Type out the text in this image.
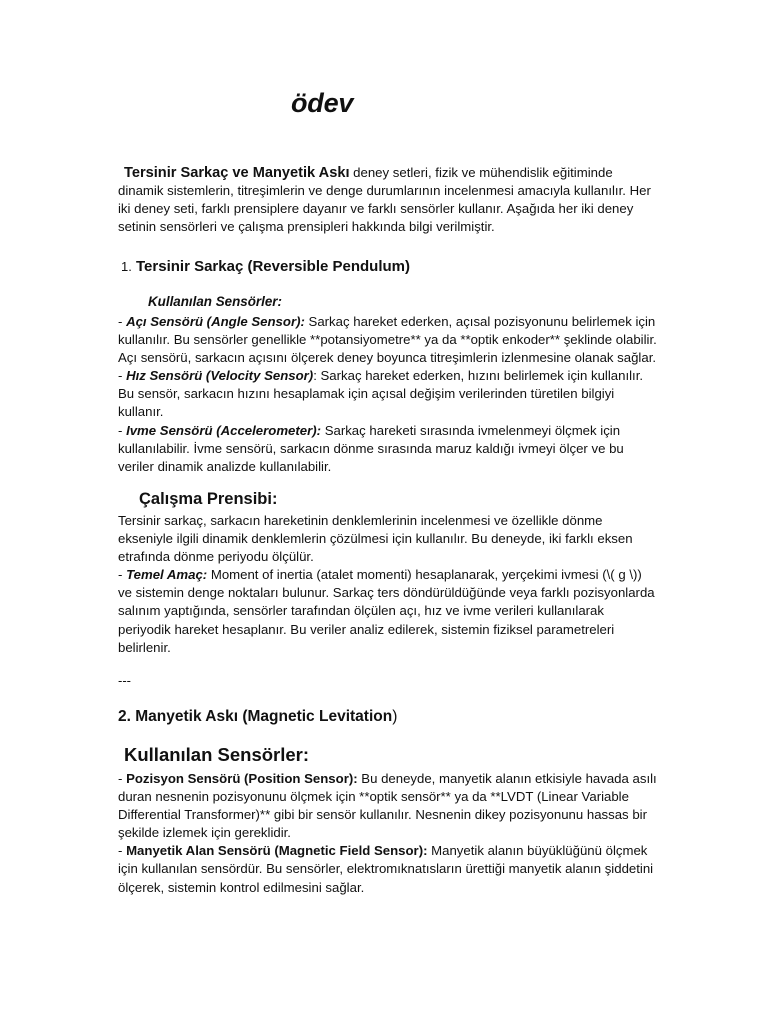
ödev

Tersinir Sarkaç ve Manyetik Askı deney setleri, fizik ve mühendislik eğitiminde dinamik sistemlerin, titreşimlerin ve denge durumlarının incelenmesi amacıyla kullanılır. Her iki deney seti, farklı prensiplere dayanır ve farklı sensörler kullanır. Aşağıda her iki deney setinin sensörleri ve çalışma prensipleri hakkında bilgi verilmiştir.

1. Tersinir Sarkaç (Reversible Pendulum)
Kullanılan Sensörler:

- Açı Sensörü (Angle Sensor): Sarkaç hareket ederken, açısal pozisyonunu belirlemek için kullanılır. Bu sensörler genellikle **potansiyometre** ya da **optik enkoder** şeklinde olabilir. Açı sensörü, sarkacın açısını ölçerek deney boyunca titreşimlerin izlenmesine olanak sağlar.

- Hız Sensörü (Velocity Sensor): Sarkaç hareket ederken, hızını belirlemek için kullanılır. Bu sensör, sarkacın hızını hesaplamak için açısal değişim verilerinden türetilen bilgiyi kullanır.

- Ivme Sensörü (Accelerometer): Sarkaç hareketi sırasında ivmelenmeyi ölçmek için kullanılabilir. İvme sensörü, sarkacın dönme sırasında maruz kaldığı ivmeyi ölçer ve bu veriler dinamik analizde kullanılabilir.

Çalışma Prensibi:

Tersinir sarkaç, sarkacın hareketinin denklemlerinin incelenmesi ve özellikle dönme ekseniyle ilgili dinamik denklemlerin çözülmesi için kullanılır. Bu deneyde, iki farklı eksen etrafında dönme periyodu ölçülür.

- Temel Amaç: Moment of inertia (atalet momenti) hesaplanarak, yerçekimi ivmesi (\( g \)) ve sistemin denge noktaları bulunur. Sarkaç ters döndürüldüğünde veya farklı pozisyonlarda salınım yaptığında, sensörler tarafından ölçülen açı, hız ve ivme verileri kullanılarak periyodik hareket hesaplanır. Bu veriler analiz edilerek, sistemin fiziksel parametreleri belirlenir.

---
2. Manyetik Askı (Magnetic Levitation)
Kullanılan Sensörler:

- Pozisyon Sensörü (Position Sensor): Bu deneyde, manyetik alanın etkisiyle havada asılı duran nesnenin pozisyonunu ölçmek için **optik sensör** ya da **LVDT (Linear Variable Differential Transformer)** gibi bir sensör kullanılır. Nesnenin dikey pozisyonunu hassas bir şekilde izlemek için gereklidir.

- Manyetik Alan Sensörü (Magnetic Field Sensor): Manyetik alanın büyüklüğünü ölçmek için kullanılan sensördür. Bu sensörler, elektromıknatısların ürettiği manyetik alanın şiddetini ölçerek, sistemin kontrol edilmesini sağlar.
